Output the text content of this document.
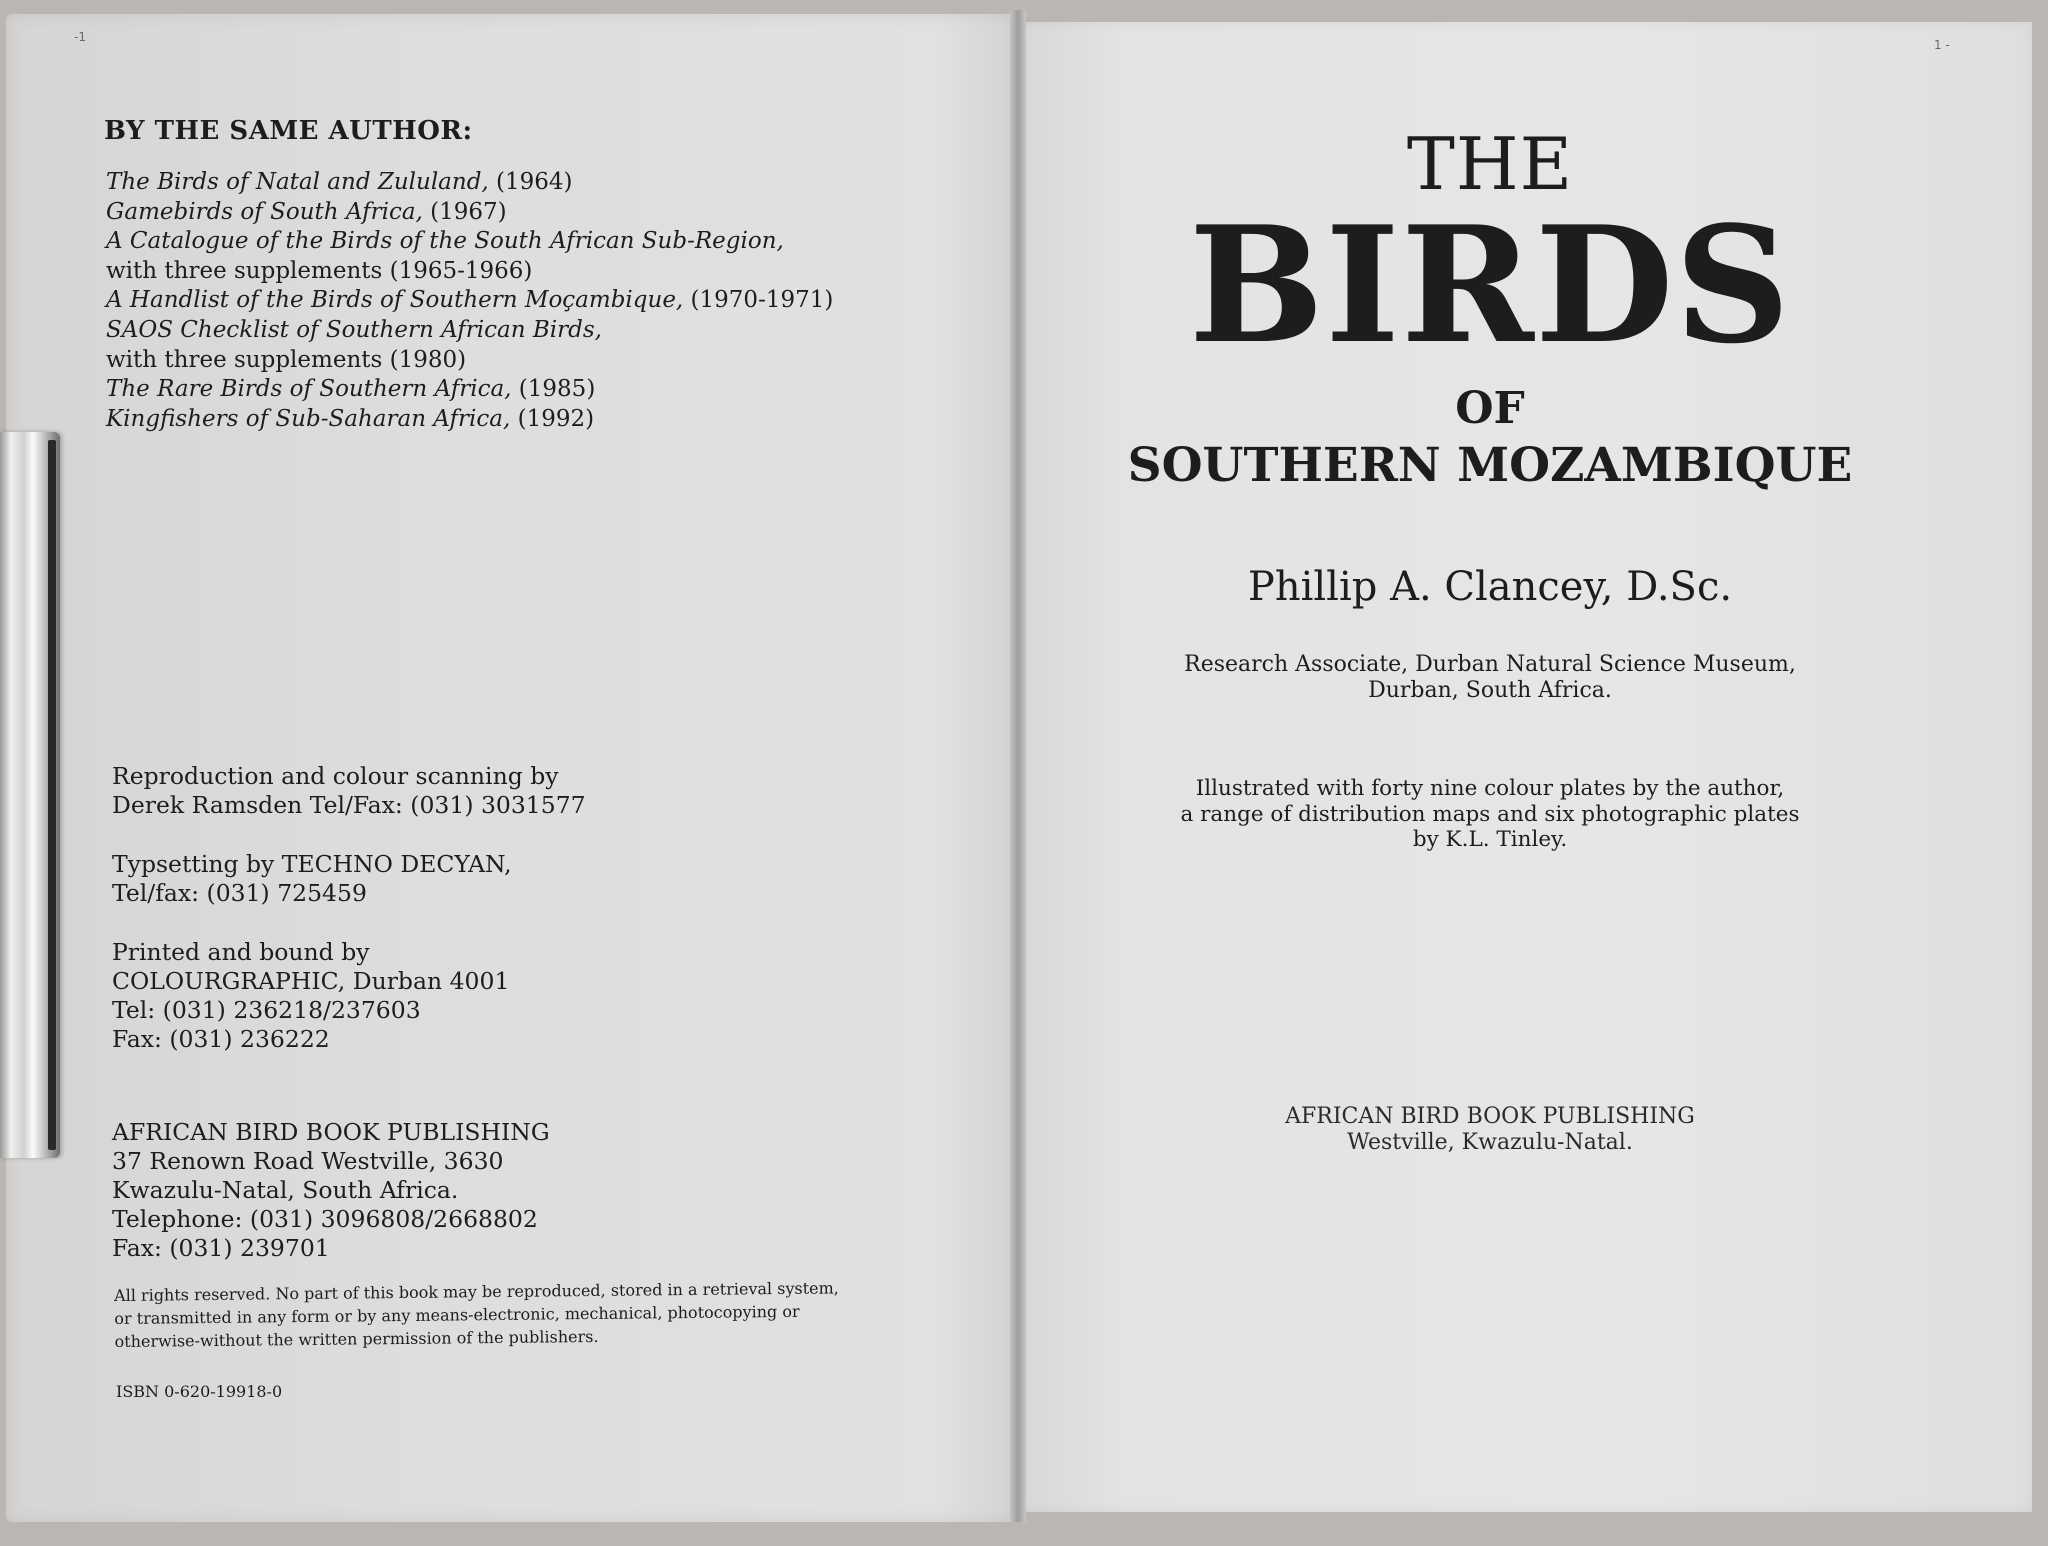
-1
1 ‑
BY THE SAME AUTHOR:
The Birds of Natal and Zululand, (1964)
Gamebirds of South Africa, (1967)
A Catalogue of the Birds of the South African Sub-Region,
with three supplements (1965-1966)
A Handlist of the Birds of Southern Moçambique, (1970-1971)
SAOS Checklist of Southern African Birds,
with three supplements (1980)
The Rare Birds of Southern Africa, (1985)
Kingfishers of Sub-Saharan Africa, (1992)
Reproduction and colour scanning by
Derek Ramsden Tel/Fax: (031) 3031577
Typsetting by TECHNO DECYAN,
Tel/fax: (031) 725459
Printed and bound by
COLOURGRAPHIC, Durban 4001
Tel: (031) 236218/237603
Fax: (031) 236222
AFRICAN BIRD BOOK PUBLISHING
37 Renown Road Westville, 3630
Kwazulu-Natal, South Africa.
Telephone: (031) 3096808/2668802
Fax: (031) 239701
All rights reserved. No part of this book may be reproduced, stored in a retrieval system,
or transmitted in any form or by any means-electronic, mechanical, photocopying or
otherwise-without the written permission of the publishers.
ISBN 0-620-19918-0
THE
BIRDS
OF
SOUTHERN MOZAMBIQUE
Phillip A. Clancey, D.Sc.
Research Associate, Durban Natural Science Museum,
Durban, South Africa.
Illustrated with forty nine colour plates by the author,
a range of distribution maps and six photographic plates
by K.L. Tinley.
AFRICAN BIRD BOOK PUBLISHING
Westville, Kwazulu-Natal.
